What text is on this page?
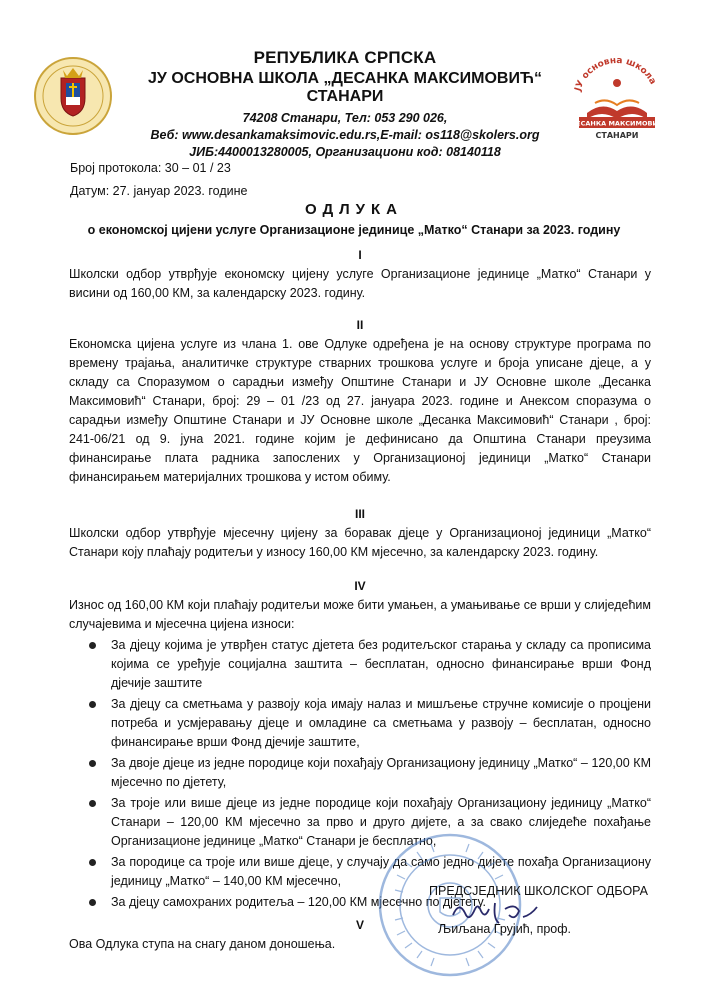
РЕПУБЛИКА СРПСКА
ЈУ ОСНОВНА ШКОЛА „ДЕСАНКА МАКСИМОВИЋ“ СТАНАРИ
74208 Станари, Тел: 053 290 026,
Веб: www.desankamaksimovic.edu.rs,E-mail: os118@skolers.org
ЈИБ:4400013280005, Организациони код: 08140118
ЈУ основна школа
ДЕСАНКА МАКСИМОВИЋ
СТАНАРИ
Број протокола: 30 – 01 / 23
Датум: 27. јануар 2023. године
ОДЛУКА
о економској цијени услуге Организационе јединице „Матко“ Станари за 2023. годину
I

Школски одбор утврђује економску цијену услуге Организационе јединице „Матко“ Станари у висини од 160,00 КМ, за календарску 2023. годину.

II

Економска цијена услуге из члана 1. ове Одлуке одређена је на основу структуре програма по времену трајања, аналитичке структуре стварних трошкова услуге и броја уписане дјеце, а у складу са Споразумом о сарадњи између Општине Станари и ЈУ Основне школе „Десанка Максимовић“ Станари, број: 29 – 01 /23 од 27. јануара 2023. године и Анексом споразума о сарадњи између Општине Станари и ЈУ Основне школе „Десанка Максимовић“ Станари , број: 241-06/21 од 9. јуна 2021. године којим је дефинисано да Општина Станари преузима финансирање плата радника запослених у Организационој јединици „Матко“ Станари финансирањем материјалних трошкова у истом обиму.

III

Школски одбор утврђује мјесечну цијену за боравак дјеце у Организационој јединици „Матко“ Станари коју плаћају родитељи у износу 160,00 КМ мјесечно, за календарску 2023. годину.

IV

Износ од 160,00 КМ који плаћају родитељи може бити умањен, а умањивање се врши у слиједећим случајевима и мјесечна цијена износи:

За дјецу којима је утврђен статус дјетета без родитељског старања у складу са прописима којима се уређује социјална заштита – бесплатан, односно финансирање врши Фонд дјечије заштите
За дјецу са сметњама у развоју која имају налаз и мишљење стручне комисије о процјени потреба и усмјеравању дјеце и омладине са сметњама у развоју – бесплатан, односно финансирање врши Фонд дјечије заштите,
За двоје дјеце из једне породице који похађају Организациону јединицу „Матко“ – 120,00 КМ мјесечно по дјетету,
За троје или више дјеце из једне породице који похађају Организациону јединицу „Матко“ Станари – 120,00 КМ мјесечно за прво и друго дијете, а за свако слиједеће похађање Организационе јединице „Матко“ Станари је бесплатно,
За породице са троје или више дјеце, у случају да само једно дијете похађа Организациону јединицу „Матко“ – 140,00 КМ мјесечно,
За дјецу самохраних родитеља – 120,00 КМ мјесечно по дјетету.
V

Ова Одлука ступа на снагу даном доношења.

ПРЕДСЈЕДНИК ШКОЛСКОГ ОДБОРА
Љиљана Грујић, проф.
